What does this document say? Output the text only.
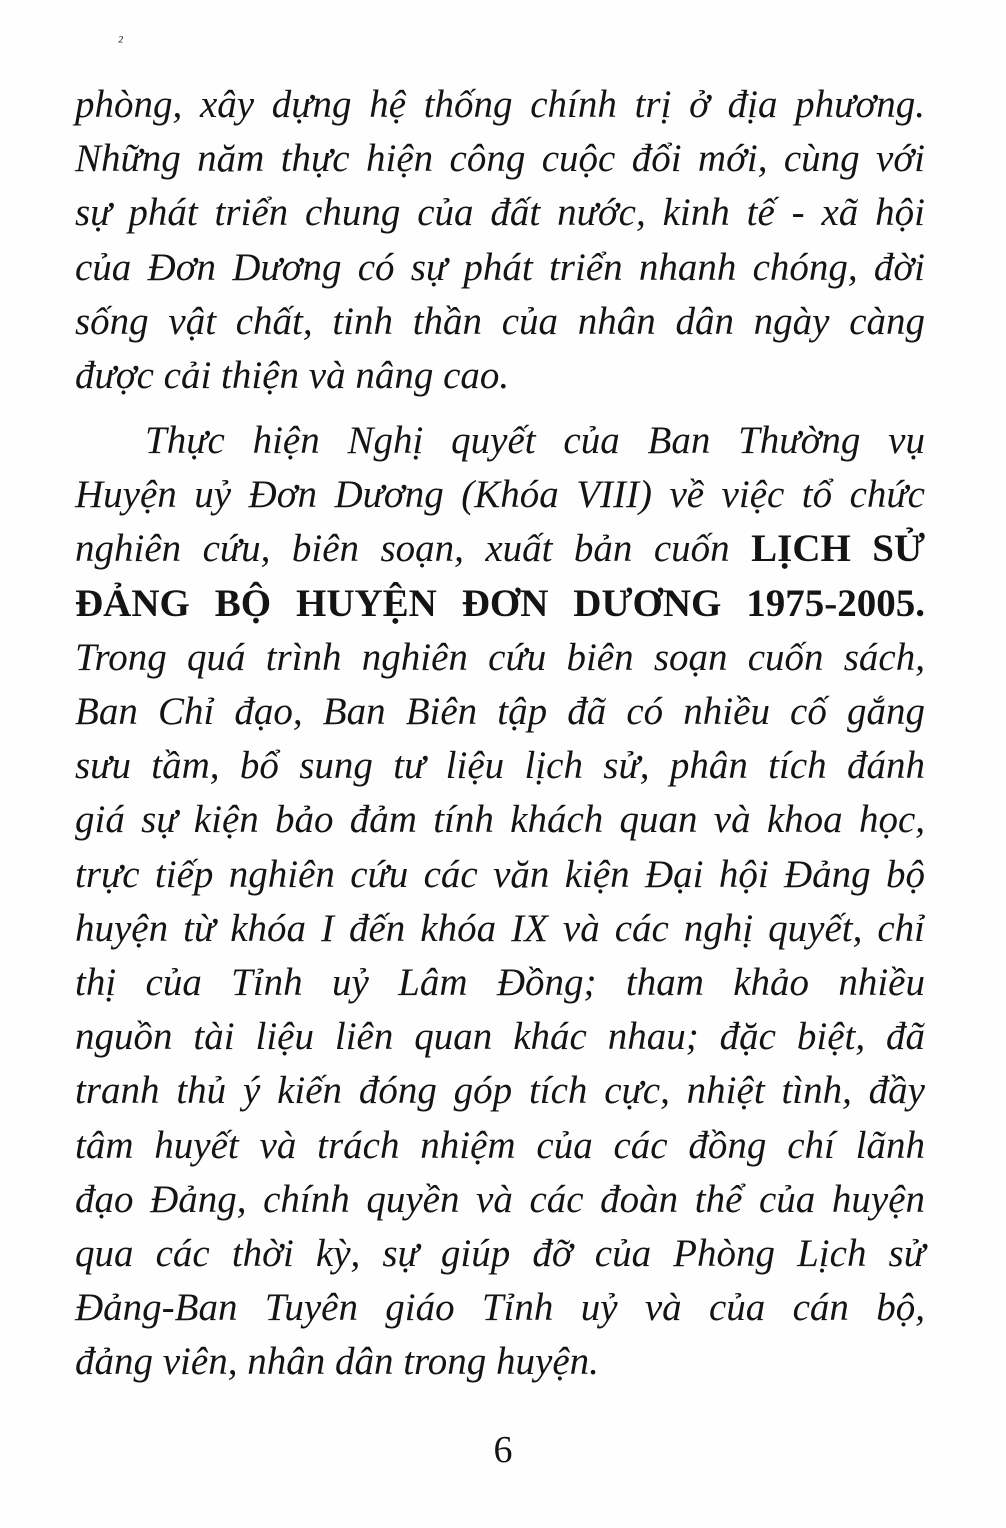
²
phòng, xây dựng hệ thống chính trị ở địa phương.
Những năm thực hiện công cuộc đổi mới, cùng với
sự phát triển chung của đất nước, kinh tế - xã hội
của Đơn Dương có sự phát triển nhanh chóng, đời
sống vật chất, tinh thần của nhân dân ngày càng
được cải thiện và nâng cao.
Thực hiện Nghị quyết của Ban Thường vụ
Huyện uỷ Đơn Dương (Khóa VIII) về việc tổ chức
nghiên cứu, biên soạn, xuất bản cuốn LỊCH SỬ
ĐẢNG BỘ HUYỆN ĐƠN DƯƠNG 1975-2005.
Trong quá trình nghiên cứu biên soạn cuốn sách,
Ban Chỉ đạo, Ban Biên tập đã có nhiều cố gắng
sưu tầm, bổ sung tư liệu lịch sử, phân tích đánh
giá sự kiện bảo đảm tính khách quan và khoa học,
trực tiếp nghiên cứu các văn kiện Đại hội Đảng bộ
huyện từ khóa I đến khóa IX và các nghị quyết, chỉ
thị của Tỉnh uỷ Lâm Đồng; tham khảo nhiều
nguồn tài liệu liên quan khác nhau; đặc biệt, đã
tranh thủ ý kiến đóng góp tích cực, nhiệt tình, đầy
tâm huyết và trách nhiệm của các đồng chí lãnh
đạo Đảng, chính quyền và các đoàn thể của huyện
qua các thời kỳ, sự giúp đỡ của Phòng Lịch sử
Đảng-Ban Tuyên giáo Tỉnh uỷ và của cán bộ,
đảng viên, nhân dân trong huyện.
6
